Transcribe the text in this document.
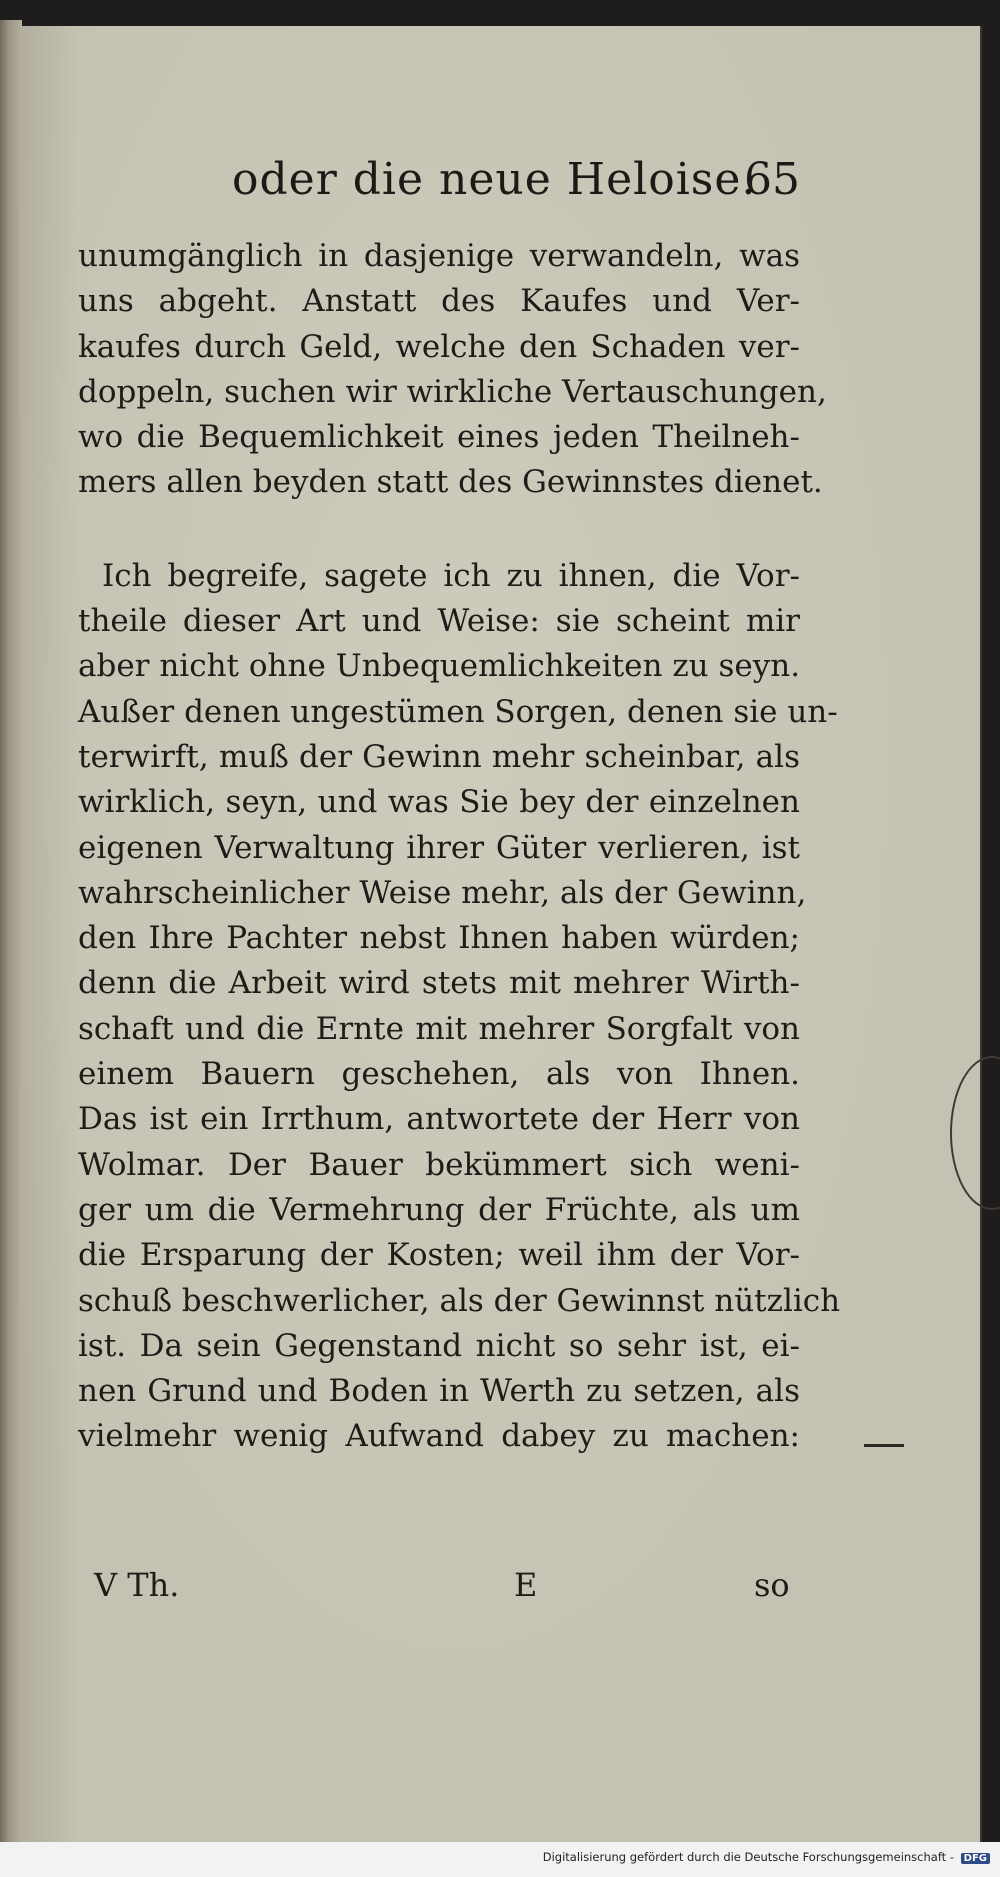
oder die neue Heloise.
65
unumgänglich in dasjenige verwandeln, was
uns abgeht. Anstatt des Kaufes und Ver-
kaufes durch Geld, welche den Schaden ver-
doppeln, suchen wir wirkliche Vertauschungen,
wo die Bequemlichkeit eines jeden Theilneh-
mers allen beyden statt des Gewinnstes dienet.
Ich begreife, sagete ich zu ihnen, die Vor-
theile dieser Art und Weise: sie scheint mir
aber nicht ohne Unbequemlichkeiten zu seyn.
Außer denen ungestümen Sorgen, denen sie un-
terwirft, muß der Gewinn mehr scheinbar, als
wirklich, seyn, und was Sie bey der einzelnen
eigenen Verwaltung ihrer Güter verlieren, ist
wahrscheinlicher Weise mehr, als der Gewinn,
den Ihre Pachter nebst Ihnen haben würden;
denn die Arbeit wird stets mit mehrer Wirth-
schaft und die Ernte mit mehrer Sorgfalt von
einem Bauern geschehen, als von Ihnen.
Das ist ein Irrthum, antwortete der Herr von
Wolmar. Der Bauer bekümmert sich weni-
ger um die Vermehrung der Früchte, als um
die Ersparung der Kosten; weil ihm der Vor-
schuß beschwerlicher, als der Gewinnst nützlich
ist. Da sein Gegenstand nicht so sehr ist, ei-
nen Grund und Boden in Werth zu setzen, als
vielmehr wenig Aufwand dabey zu machen:
V Th.	E	so
Digitalisierung gefördert durch die Deutsche Forschungsgemeinschaft - DFG
